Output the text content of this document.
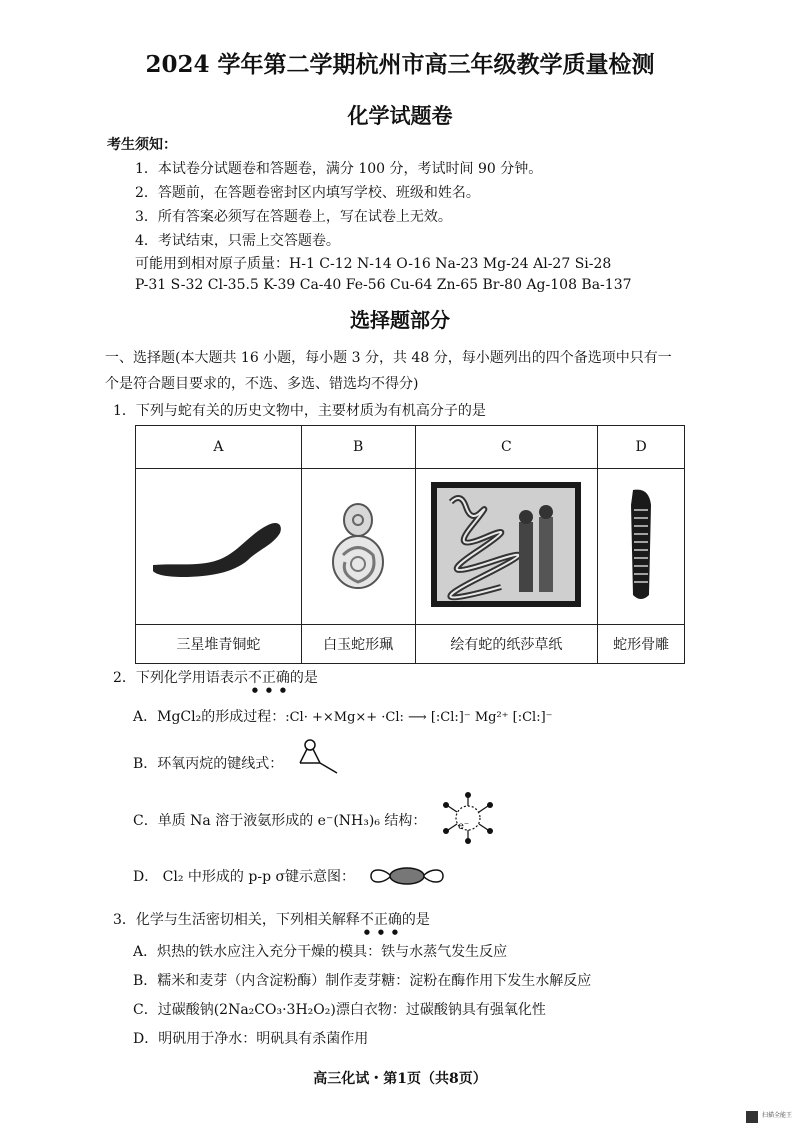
2024 学年第二学期杭州市高三年级教学质量检测
化学试题卷
考生须知：
1．本试卷分试题卷和答题卷，满分 100 分，考试时间 90 分钟。
2．答题前，在答题卷密封区内填写学校、班级和姓名。
3．所有答案必须写在答题卷上，写在试卷上无效。
4．考试结束，只需上交答题卷。
可能用到相对原子质量：H-1 C-12 N-14 O-16 Na-23 Mg-24 Al-27 Si-28
P-31 S-32 Cl-35.5 K-39 Ca-40 Fe-56 Cu-64 Zn-65 Br-80 Ag-108 Ba-137
选择题部分
一、选择题(本大题共 16 小题，每小题 3 分，共 48 分，每小题列出的四个备选项中只有一
个是符合题目要求的，不选、多选、错选均不得分)
1．下列与蛇有关的历史文物中，主要材质为有机高分子的是
A	B	C	D

三星堆青铜蛇	白玉蛇形珮	绘有蛇的纸莎草纸	蛇形骨雕
2．下列化学用语表示不正确的是
A．MgCl₂的形成过程：:Cl· +×Mg×+ ·Cl: ⟶ [:Cl:]⁻ Mg²⁺ [:Cl:]⁻
B．环氧丙烷的键线式：
C．单质 Na 溶于液氨形成的 e⁻(NH₃)₆ 结构：	e⁻
D． Cl₂ 中形成的 p-p σ键示意图：
3．化学与生活密切相关，下列相关解释不正确的是
A．炽热的铁水应注入充分干燥的模具：铁与水蒸气发生反应
B．糯米和麦芽（内含淀粉酶）制作麦芽糖：淀粉在酶作用下发生水解反应
C．过碳酸钠(2Na₂CO₃·3H₂O₂)漂白衣物：过碳酸钠具有强氧化性
D．明矾用于净水：明矾具有杀菌作用
高三化试・第1页（共8页）
扫描全能王
